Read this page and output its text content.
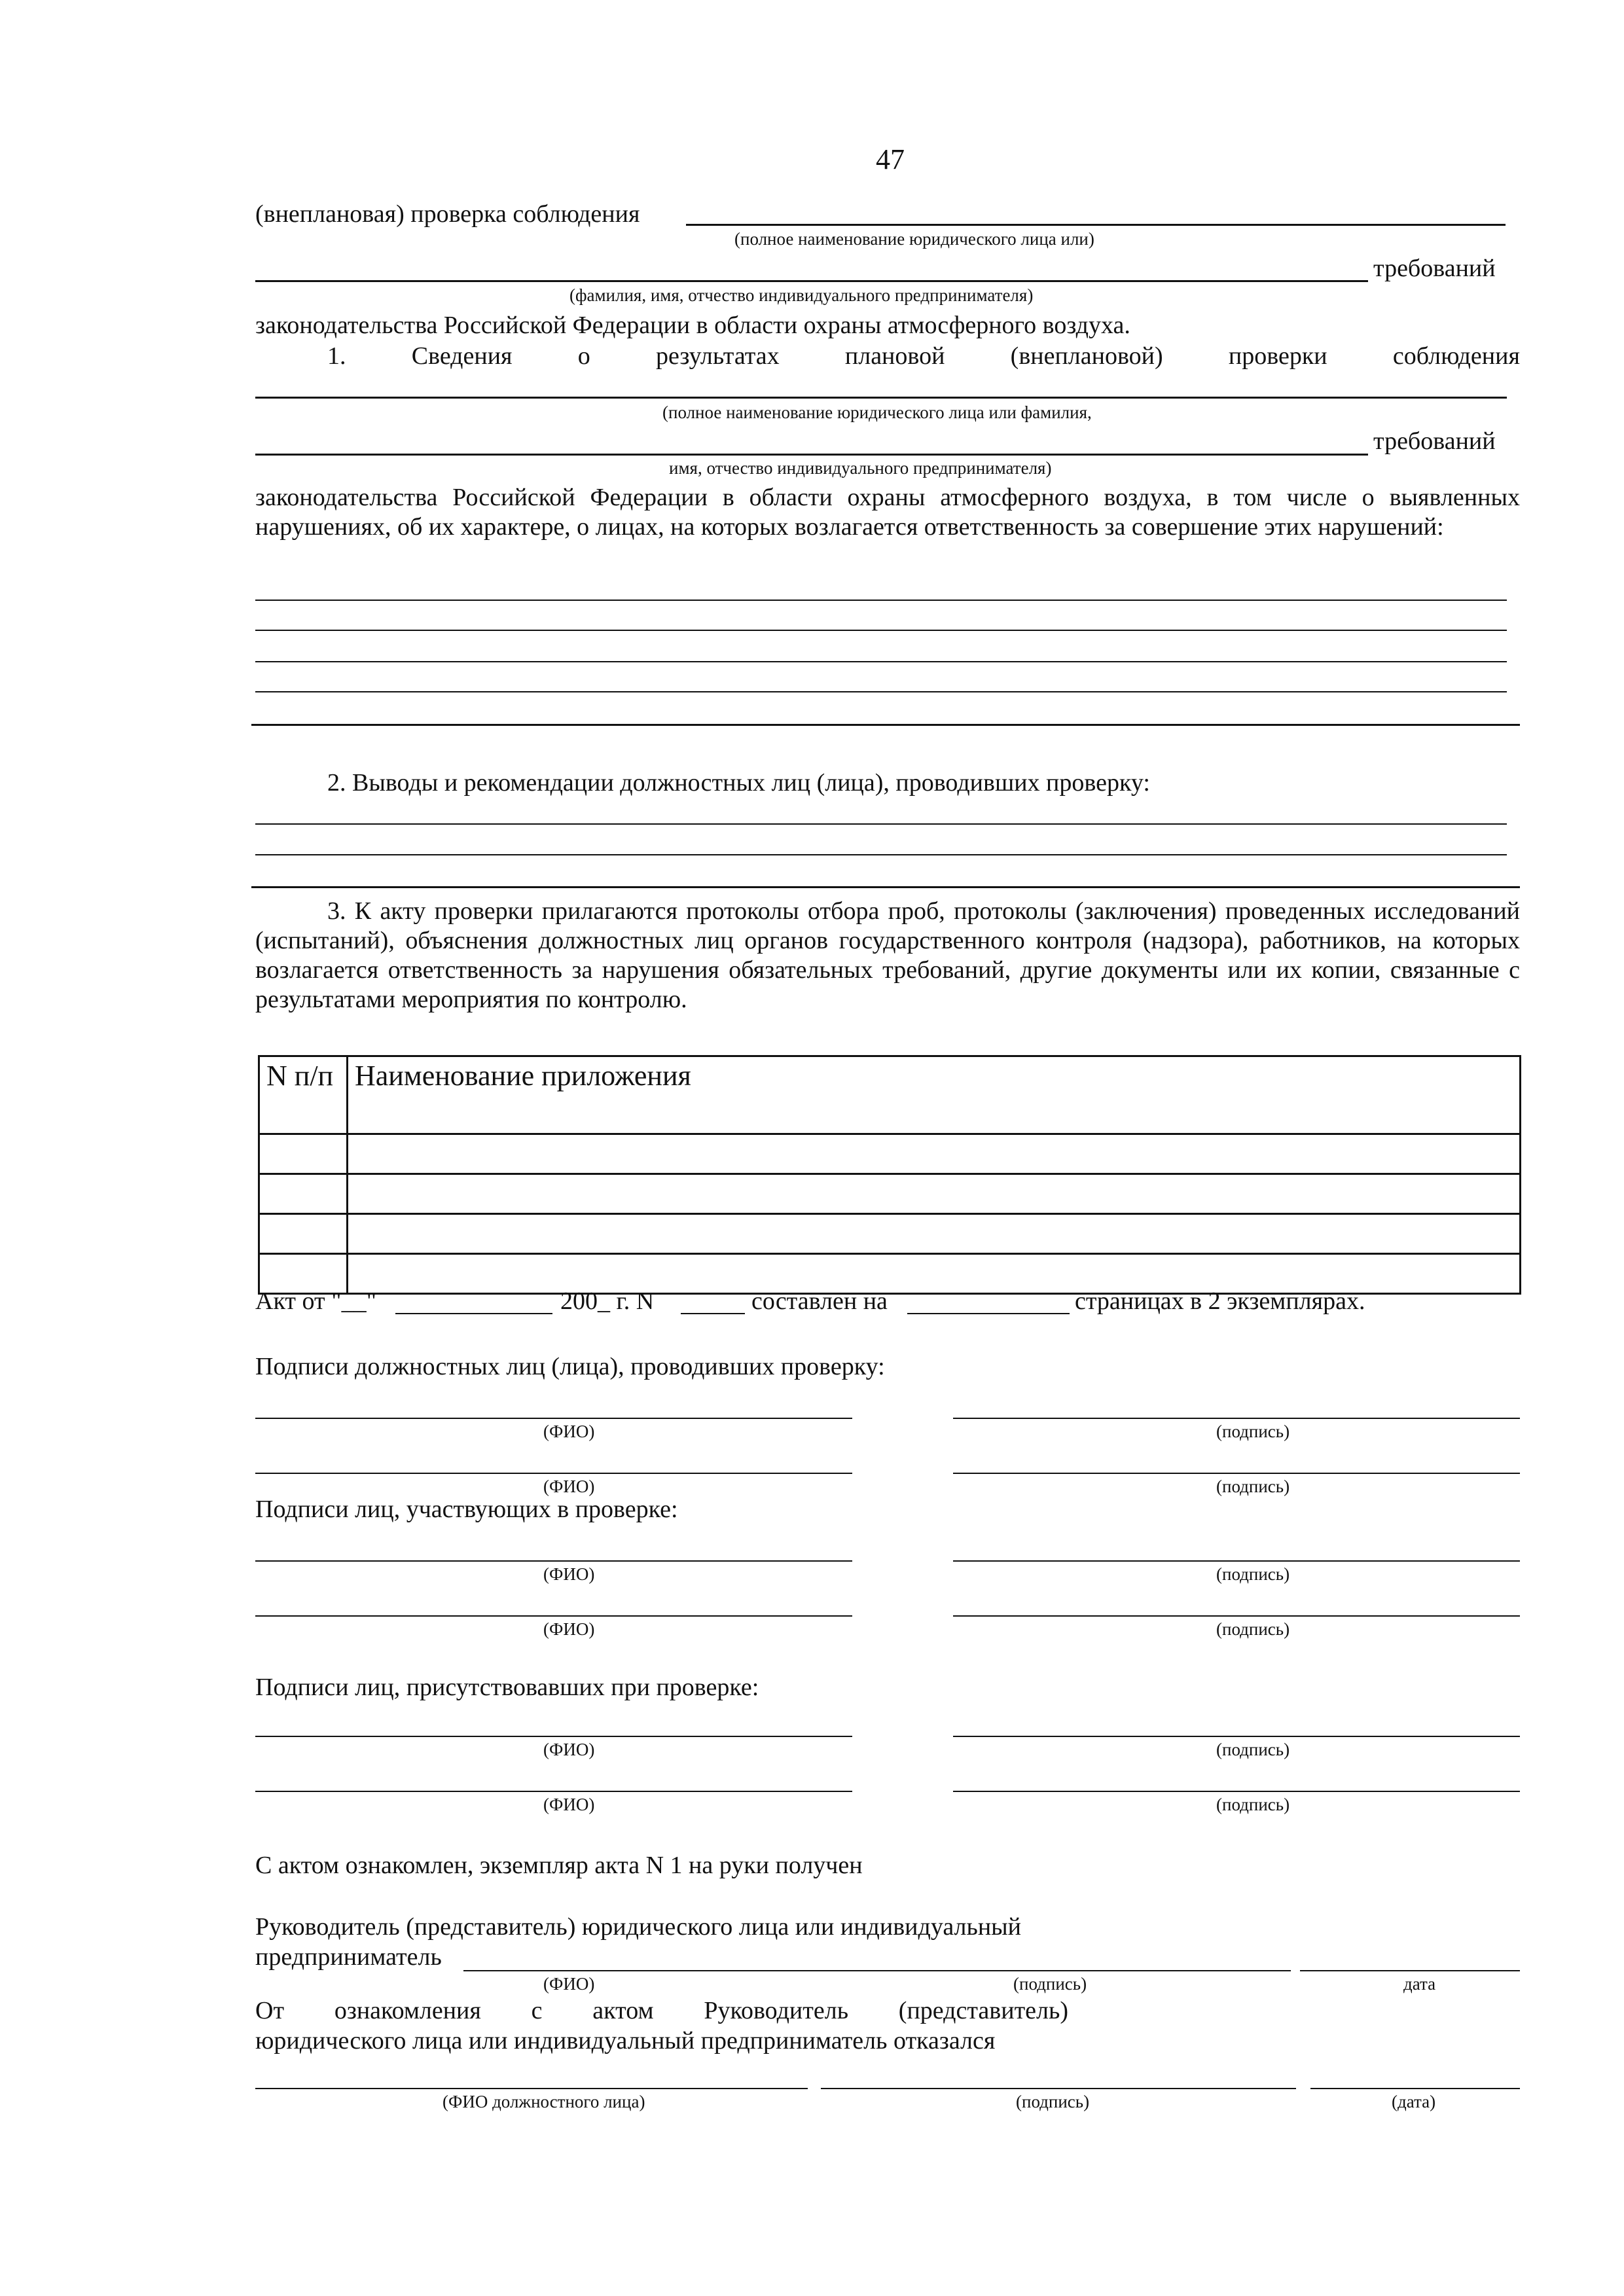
47
(внеплановая) проверка соблюдения
(полное наименование юридического лица или)
требований
(фамилия, имя, отчество индивидуального предпринимателя)
законодательства Российской Федерации в области охраны атмосферного воздуха.
1.	Сведения	о	результатах	плановой	(внеплановой)	проверки	соблюдения
(полное наименование юридического лица или фамилия,
требований
имя, отчество индивидуального предпринимателя)
законодательства Российской Федерации в области охраны атмосферного воздуха, в том числе о выявленных нарушениях, об их характере, о лицах, на которых возлагается ответственность за совершение этих нарушений:
2. Выводы и рекомендации должностных лиц (лица), проводивших проверку:
3. К акту проверки прилагаются протоколы отбора проб, протоколы (заключения) проведенных исследований (испытаний), объяснения должностных лиц органов государственного контроля (надзора), работников, на которых возлагается ответственность за нарушения обязательных требований, другие документы или их копии, связанные с результатами мероприятия по контролю.
N п/п	Наименование приложения

Акт от "__"	200_ г. N	составлен на	страницах в 2 экземплярах.
Подписи должностных лиц (лица), проводивших проверку:
(ФИО)	(подпись)
(ФИО)	(подпись)
Подписи лиц, участвующих в проверке:
(ФИО)	(подпись)
(ФИО)	(подпись)
Подписи лиц, присутствовавших при проверке:
(ФИО)	(подпись)
(ФИО)	(подпись)
С актом ознакомлен, экземпляр акта N 1 на руки получен
Руководитель (представитель) юридического лица или индивидуальный
предприниматель
(ФИО)	(подпись)	дата
От ознакомления с актом Руководитель (представитель)
юридического лица или индивидуальный предприниматель отказался
(ФИО должностного лица)	(подпись)	(дата)
